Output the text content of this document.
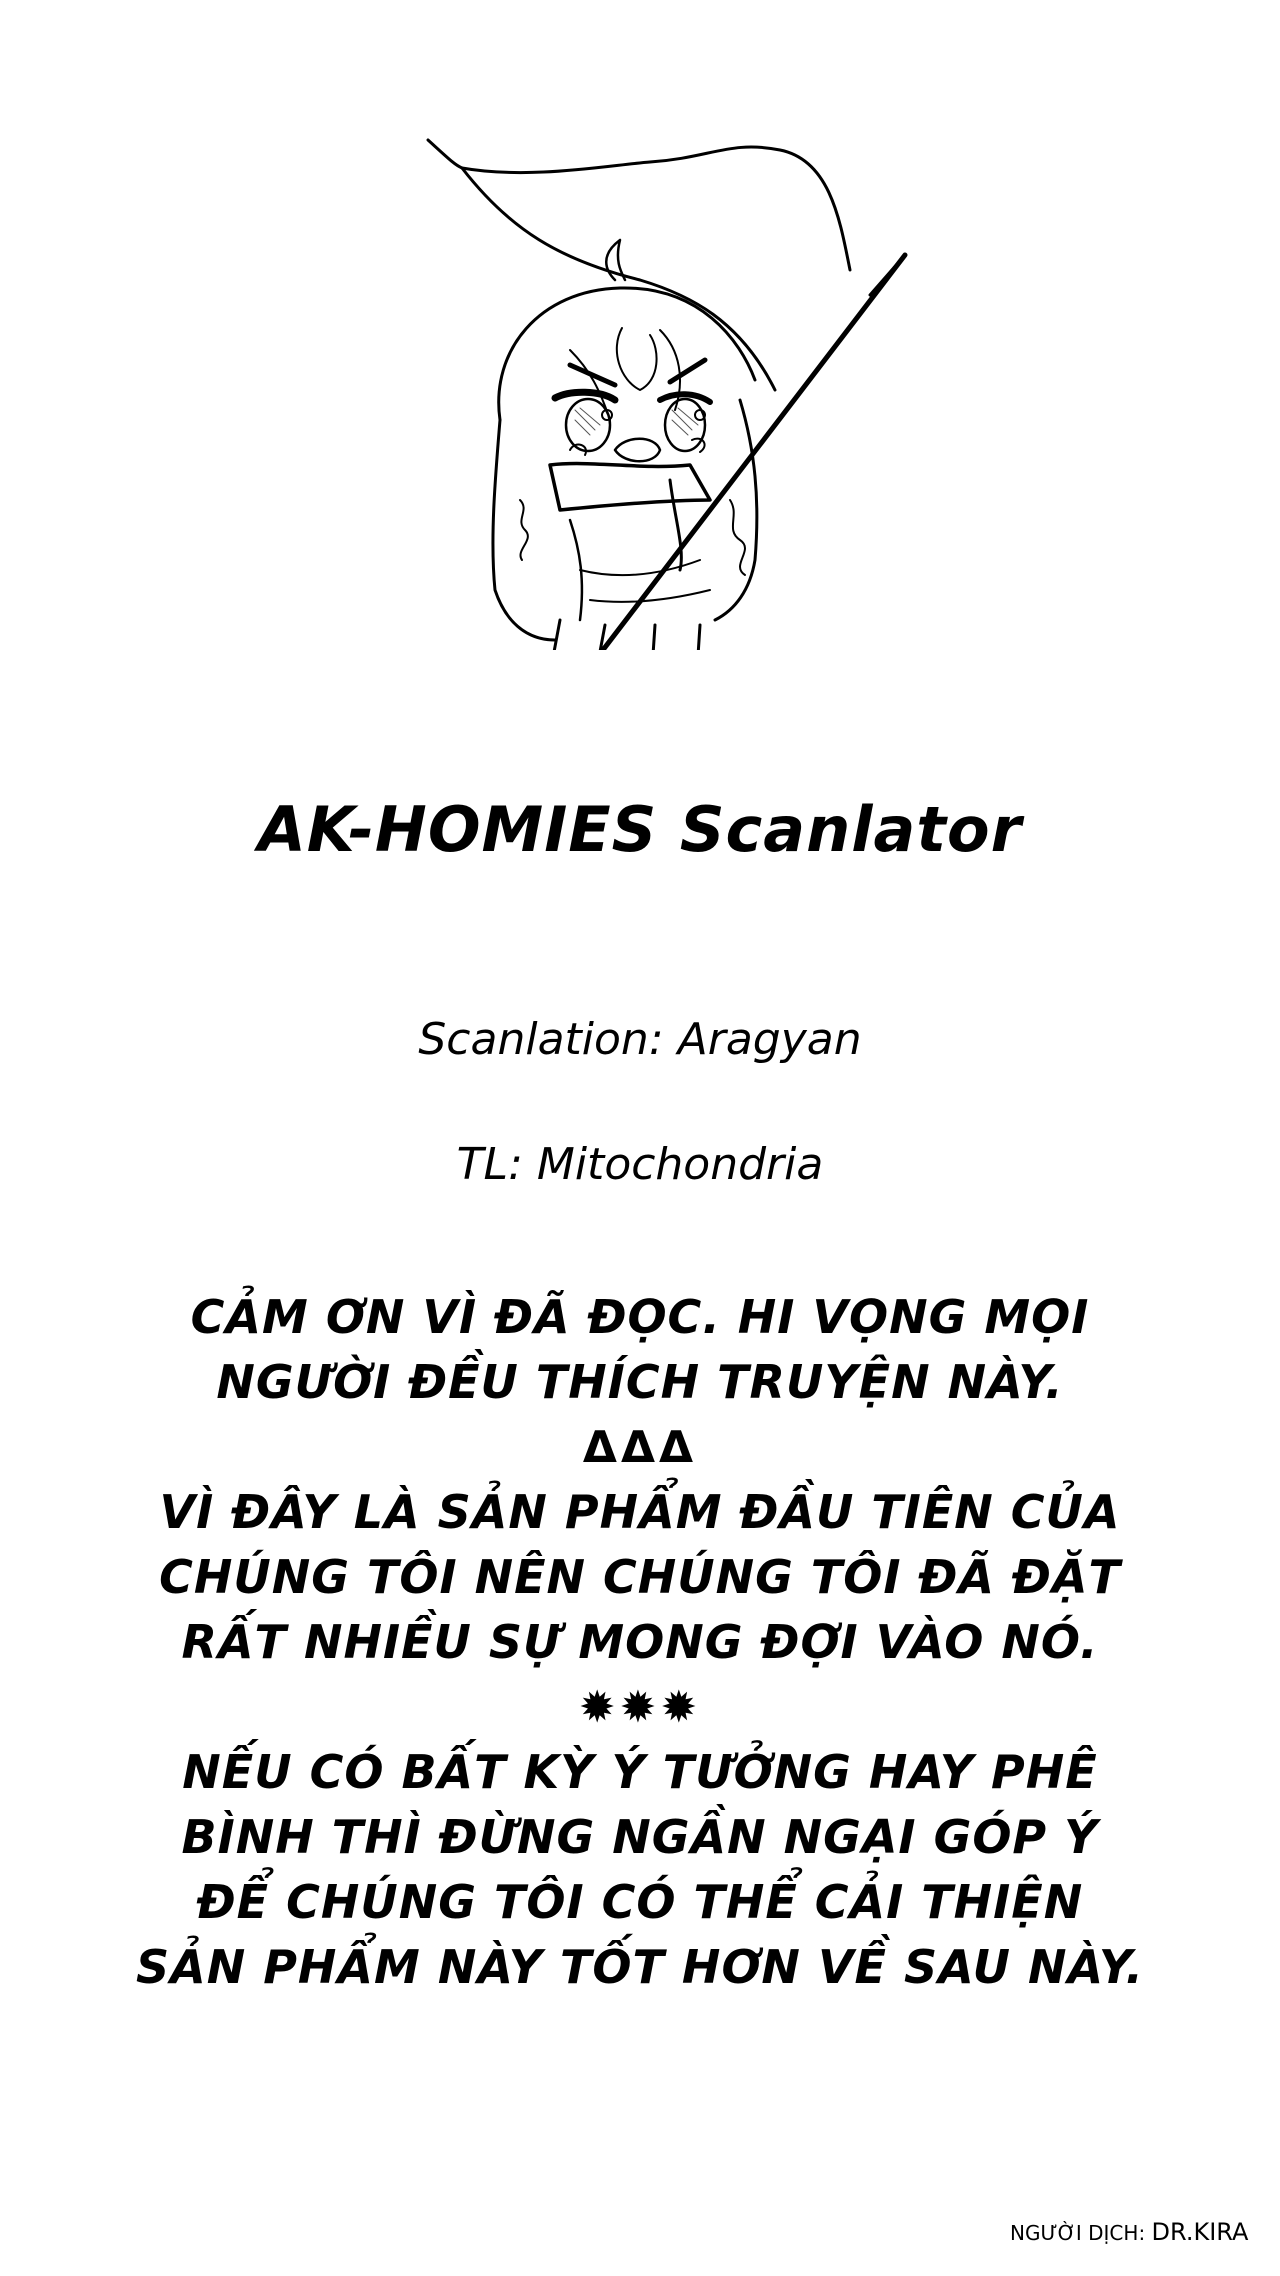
AK-HOMIES Scanlator
Scanlation: Aragyan
TL: Mitochondria
CẢM ƠN VÌ ĐÃ ĐỌC. HI VỌNG MỌI
NGƯỜI ĐỀU THÍCH TRUYỆN NÀY.
ΔΔΔ
VÌ ĐÂY LÀ SẢN PHẨM ĐẦU TIÊN CỦA
CHÚNG TÔI NÊN CHÚNG TÔI ĐÃ ĐẶT
RẤT NHIỀU SỰ MONG ĐỢI VÀO NÓ.
✹✹✹
NẾU CÓ BẤT KỲ Ý TƯỞNG HAY PHÊ
BÌNH THÌ ĐỪNG NGẦN NGẠI GÓP Ý
ĐỂ CHÚNG TÔI CÓ THỂ CẢI THIỆN
SẢN PHẨM NÀY TỐT HƠN VỀ SAU NÀY.
NGƯỜI DỊCH: DR.KIRA
